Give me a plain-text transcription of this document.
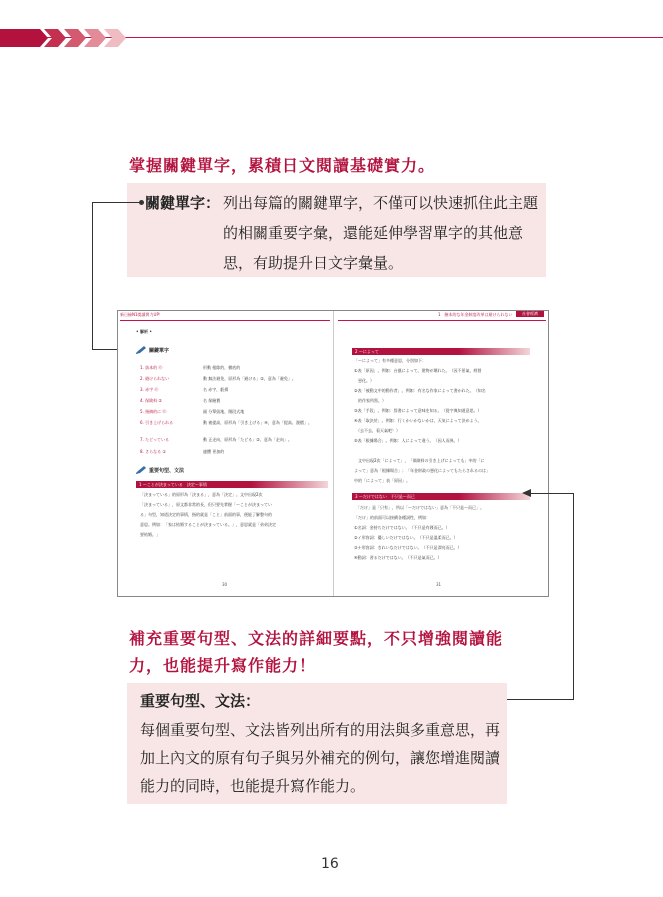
掌握關鍵單字，累積日文閱讀基礎實力。
關鍵單字： 列出每篇的關鍵單字，不僅可以快速抓住此主題
的相關重要字彙，還能延伸學習單字的其他意
思，有助提升日文字彙量。
新日檢N1閱讀實力UP！	1　臉本的な年金制度改革は避けられない	社會經濟
• 解析 •
關鍵單字
1. 抜本的 ⓪	形動 根除的，徹底的
2. 避けられない	動 無法避免，原形為「避ける」②，意為「避免」。
3. 赤字 ⓪	名 赤字，虧損
4. 保険料 ②	名 保險費
5. 指摘的に ⓪	副 分單級地，階段式地
6. 引き上げられる	動 被提高，原形為「引き上げる」④，意為「提高、漲價」。
7. たどっている	動 正走向，原形為「たどる」②，意為「走向」。
8. さらなる ①	連體 更加的
重要句型、文法
1 ～ことが決まっている　決定～事情
「決まっている」的原形為「決まる」，意為「決定」。文中出現2次
「決まっている」，原文都非常的長，但只要先掌握「～ことが決まってい
る」句型，知道決定的事情，指的就是「こと」前面的事，便能了解整句的
意思。例如：「家は結婚することが決まっている。」，意思就是「弟弟決定
要結婚。」
30
2 ～によって
「～によって」有多種意思，分別如下：
①表「原因」。例如：台風によって、建物が壊れた。（因不景氣，經營
　惡化。）
②表「被動文中的動作者」。例如：有名な作家によって書かれた。（知名
　的作家所寫。）
③表「手段」。例如：辞書によって意味を知る。（從字典知道意思。）
④表「取決於」。例如：行くかいかないかは、天気によって決めよう。
　（去不去，看天氣吧！）
⑤表「根據場合」。例如：人によって違う。（因人而異。）
　文中出現2次「によって」，「保険料の引き上げによっても」中的「に
よって」意為「根據場合」；「年金財政の悪化によってもたらされるのは」
中的「によって」表「原因」。
3 ～だけではない　不只是～而已
　「だけ」是「只有」，所以「～だけではない」意為「不只是～而已」。
「だけ」的前面可以接續各種詞性，例如：
①名詞：金持ちだけではない。（不只是有錢而已。）
②イ形容詞：優しいだけではない。（不只是溫柔而已。）
③ナ形容詞：きれいなだけではない。（不只是漂亮而已。）
④動詞：習るだけではない。（不只是氣而已。）
31
補充重要句型、文法的詳細要點，不只增強閱讀能
力，也能提升寫作能力！
重要句型、文法：
每個重要句型、文法皆列出所有的用法與多重意思，再
加上內文的原有句子與另外補充的例句，讓您增進閱讀
能力的同時，也能提升寫作能力。
16
